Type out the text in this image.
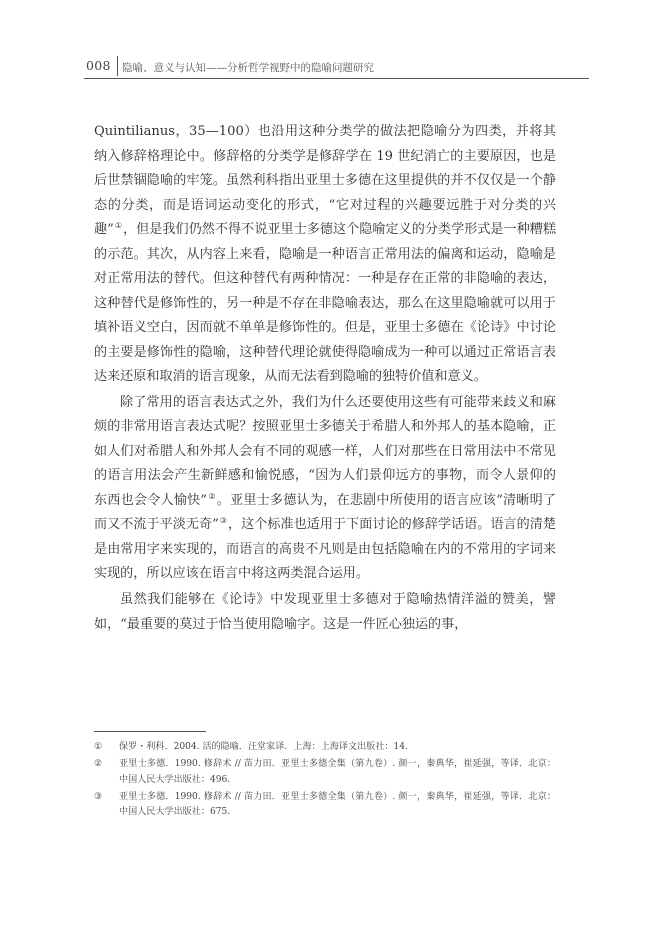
008 隐喻、意义与认知——分析哲学视野中的隐喻问题研究

Quintilianus，35—100）也沿用这种分类学的做法把隐喻分为四类，并将其纳入修辞格理论中。修辞格的分类学是修辞学在 19 世纪消亡的主要原因，也是后世禁锢隐喻的牢笼。虽然利科指出亚里士多德在这里提供的并不仅仅是一个静态的分类，而是语词运动变化的形式，“它对过程的兴趣要远胜于对分类的兴趣”①，但是我们仍然不得不说亚里士多德这个隐喻定义的分类学形式是一种糟糕的示范。其次，从内容上来看，隐喻是一种语言正常用法的偏离和运动，隐喻是对正常用法的替代。但这种替代有两种情况：一种是存在正常的非隐喻的表达，这种替代是修饰性的，另一种是不存在非隐喻表达，那么在这里隐喻就可以用于填补语义空白，因而就不单单是修饰性的。但是，亚里士多德在《论诗》中讨论的主要是修饰性的隐喻，这种替代理论就使得隐喻成为一种可以通过正常语言表达来还原和取消的语言现象，从而无法看到隐喻的独特价值和意义。

除了常用的语言表达式之外，我们为什么还要使用这些有可能带来歧义和麻烦的非常用语言表达式呢？按照亚里士多德关于希腊人和外邦人的基本隐喻，正如人们对希腊人和外邦人会有不同的观感一样，人们对那些在日常用法中不常见的语言用法会产生新鲜感和愉悦感，“因为人们景仰远方的事物，而令人景仰的东西也会令人愉快”②。亚里士多德认为，在悲剧中所使用的语言应该“清晰明了而又不流于平淡无奇”③，这个标准也适用于下面讨论的修辞学话语。语言的清楚是由常用字来实现的，而语言的高贵不凡则是由包括隐喻在内的不常用的字词来实现的，所以应该在语言中将这两类混合运用。

虽然我们能够在《论诗》中发现亚里士多德对于隐喻热情洋溢的赞美，譬如，“最重要的莫过于恰当使用隐喻字。这是一件匠心独运的事，

① 保罗・利科．2004. 活的隐喻．汪堂家译．上海：上海译文出版社：14.
② 亚里士多德．1990. 修辞术 // 苗力田．亚里士多德全集（第九卷）. 颜一，秦典华，崔延强，等译．北京：中国人民大学出版社：496.
③ 亚里士多德．1990. 修辞术 // 苗力田．亚里士多德全集（第九卷）. 颜一，秦典华，崔延强，等译．北京：中国人民大学出版社：675.
